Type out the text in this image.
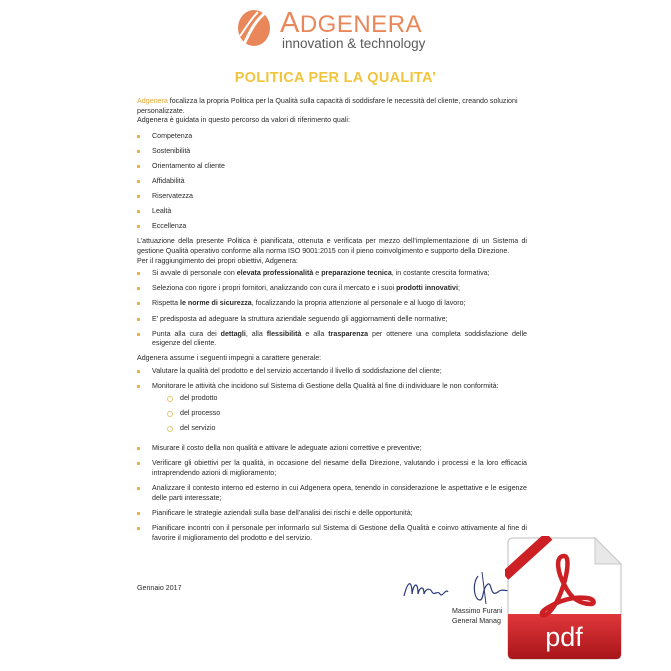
ADGENERA
innovation & technology
POLITICA PER LA QUALITA’

Adgenera focalizza la propria Politica per la Qualità sulla capacità di soddisfare le necessità del cliente, creando soluzioni personalizzate.

Adgenera è guidata in questo percorso da valori di riferimento quali:

Competenza
Sostenibilità
Orientamento al cliente
Affidabilità
Riservatezza
Lealtà
Eccellenza

L’attuazione della presente Politica è pianificata, ottenuta e verificata per mezzo dell’implementazione di un Sistema di gestione Qualità operativo conforme alla norma ISO 9001:2015 con il pieno coinvolgimento e supporto della Direzione.

Per il raggiungimento dei propri obiettivi, Adgenera:

Si avvale di personale con elevata professionalità e preparazione tecnica, in costante crescita formativa;
Seleziona con rigore i propri fornitori, analizzando con cura il mercato e i suoi prodotti innovativi;
Rispetta le norme di sicurezza, focalizzando la propria attenzione al personale e al luogo di lavoro;
E’ predisposta ad adeguare la struttura aziendale seguendo gli aggiornamenti delle normative;
Punta alla cura dei dettagli, alla flessibilità e alla trasparenza per ottenere una completa soddisfazione delle esigenze del cliente.

Adgenera assume i seguenti impegni a carattere generale:

Valutare la qualità del prodotto e del servizio accertando il livello di soddisfazione del cliente;
Monitorare le attività che incidono sul Sistema di Gestione della Qualità al fine di individuare le non conformità:
del prodotto
del processo
del servizio
Misurare il costo della non qualità e attivare le adeguate azioni correttive e preventive;
Verificare gli obiettivi per la qualità, in occasione del riesame della Direzione, valutando i processi e la loro efficacia intraprendendo azioni di miglioramento;
Analizzare il contesto interno ed esterno in cui Adgenera opera, tenendo in considerazione le aspettative e le esigenze delle parti interessate;
Pianificare le strategie aziendali sulla base dell’analisi dei rischi e delle opportunità;
Pianificare incontri con il personale per informarlo sul Sistema di Gestione della Qualità e coinvo attivamente al fine di favorire il miglioramento del prodotto e del servizio.
Gennaio 2017
Massimo Furani
General Manag
pdf
